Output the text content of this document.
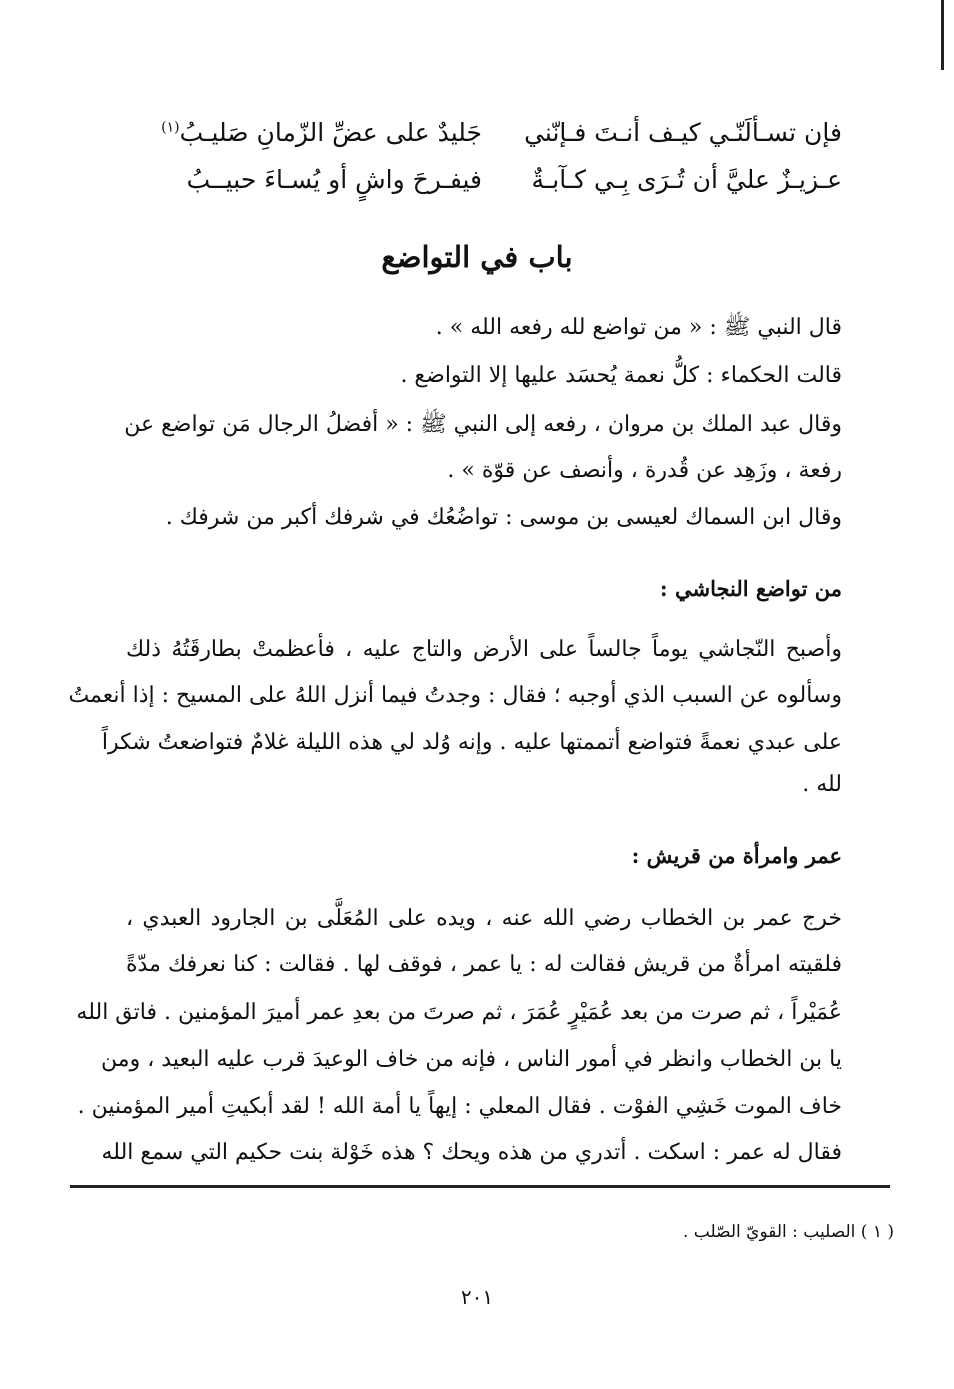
فإن تسـألَنّـي كيـف أنـتَ فـإنّني
جَليدٌ على عضِّ الزّمانِ صَليـبُ$^{(١)}$
عـزيـزٌ عليَّ أن تُـرَى بِـي كـآبـةٌ
فيفـرحَ واشٍ أو يُسـاءَ حبيــبُ
باب في التواضع

قال النبي ﷺ : « من تواضع لله رفعه الله » .

قالت الحكماء : كلُّ نعمة يُحسَد عليها إلا التواضع .

وقال عبد الملك بن مروان ، رفعه إلى النبي ﷺ : « أفضلُ الرجال مَن تواضع عن

رفعة ، وزَهِد عن قُدرة ، وأنصف عن قوّة » .

وقال ابن السماك لعيسى بن موسى : تواضُعُك في شرفك أكبر من شرفك .

من تواضع النجاشي :

وأصبح النّجاشي يوماً جالساً على الأرض والتاج عليه ، فأعظمتْ بطارقَتُهُ ذلك

وسألوه عن السبب الذي أوجبه ؛ فقال : وجدتُ فيما أنزل اللهُ على المسيح : إذا أنعمتُ

على عبدي نعمةً فتواضع أتممتها عليه . وإنه وُلد لي هذه الليلة غلامٌ فتواضعتُ شكراً

لله .

عمر وامرأة من قريش :

خرج عمر بن الخطاب رضي الله عنه ، ويده على المُعَلَّى بن الجارود العبدي ،

فلقيته امرأةٌ من قريش فقالت له : يا عمر ، فوقف لها . فقالت : كنا نعرفك مدّةً

عُمَيْراً ، ثم صرت من بعد عُمَيْرٍ عُمَرَ ، ثم صرتَ من بعدِ عمر أميرَ المؤمنين . فاتق الله

يا بن الخطاب وانظر في أمور الناس ، فإنه من خاف الوعيدَ قرب عليه البعيد ، ومن

خاف الموت خَشِي الفوْت . فقال المعلي : إيهاً يا أمة الله ! لقد أبكيتِ أمير المؤمنين .

فقال له عمر : اسكت . أتدري من هذه ويحك ؟ هذه خَوْلة بنت حكيم التي سمع الله

( ١ ) الصليب : القويّ الصّلب .
٢٠١
